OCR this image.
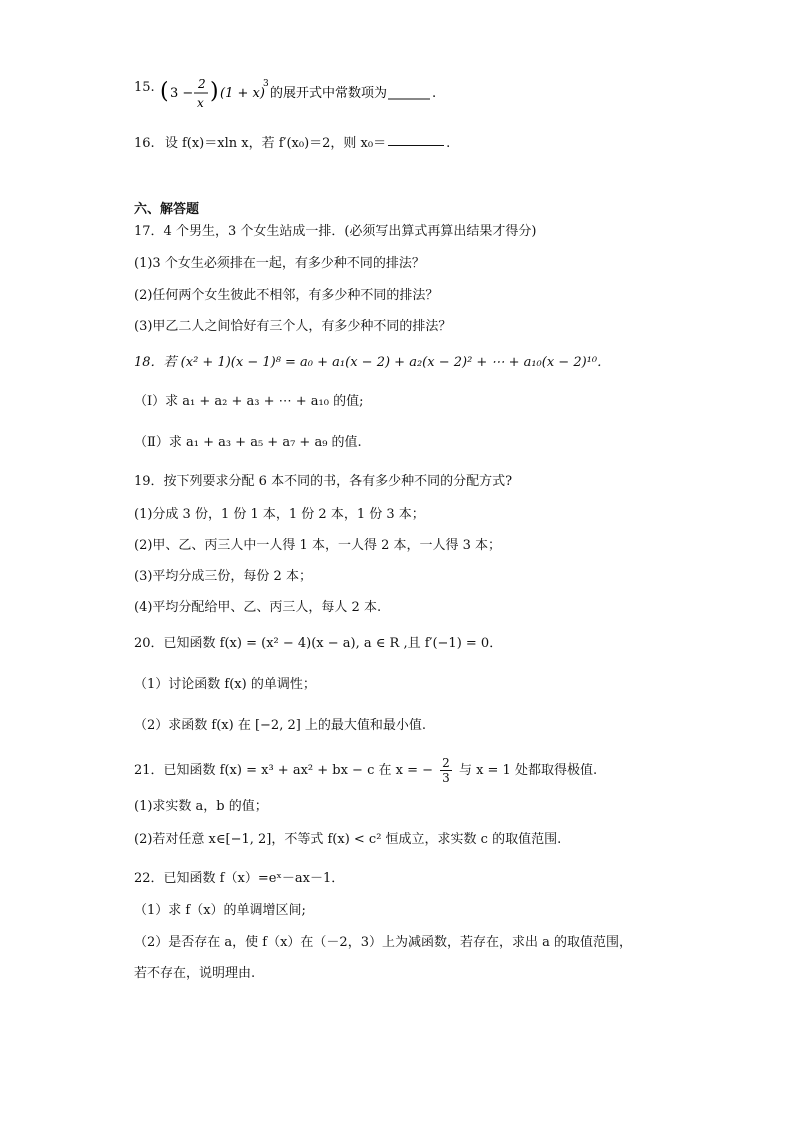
15. ( 3 −
2
x ) (1 + x)
3
的展开式中常数项为	.
16. 设 f(x)＝xln x，若 f′(x₀)＝2，则 x₀＝	.
六、解答题
17．4 个男生，3 个女生站成一排．(必须写出算式再算出结果才得分)
(1)3 个女生必须排在一起，有多少种不同的排法？
(2)任何两个女生彼此不相邻，有多少种不同的排法？
(3)甲乙二人之间恰好有三个人，有多少种不同的排法？
18．若 (x² + 1)(x − 1)⁸ = a₀ + a₁(x − 2) + a₂(x − 2)² + ⋯ + a₁₀(x − 2)¹⁰．
（Ⅰ）求 a₁ + a₂ + a₃ + ⋯ + a₁₀ 的值;
（Ⅱ）求 a₁ + a₃ + a₅ + a₇ + a₉ 的值.
19．按下列要求分配 6 本不同的书，各有多少种不同的分配方式?
(1)分成 3 份，1 份 1 本，1 份 2 本，1 份 3 本；
(2)甲、乙、丙三人中一人得 1 本，一人得 2 本，一人得 3 本；
(3)平均分成三份，每份 2 本；
(4)平均分配给甲、乙、丙三人，每人 2 本.
20．已知函数 f(x) = (x² − 4)(x − a), a ∈ R ,且 f′(−1) = 0．
（1）讨论函数 f(x) 的单调性；
（2）求函数 f(x) 在 [−2, 2] 上的最大值和最小值.
21．已知函数 f(x) = x³ + ax² + bx − c 在 x = − $\frac{2}{3}$ 与 x = 1 处都取得极值.
(1)求实数 a，b 的值；
(2)若对任意 x∈[−1, 2]，不等式 f(x) < c² 恒成立，求实数 c 的取值范围.
22．已知函数 f（x）=eˣ－ax－1．
（1）求 f（x）的单调增区间;
（2）是否存在 a，使 f（x）在（－2，3）上为减函数，若存在，求出 a 的取值范围，
若不存在，说明理由.
